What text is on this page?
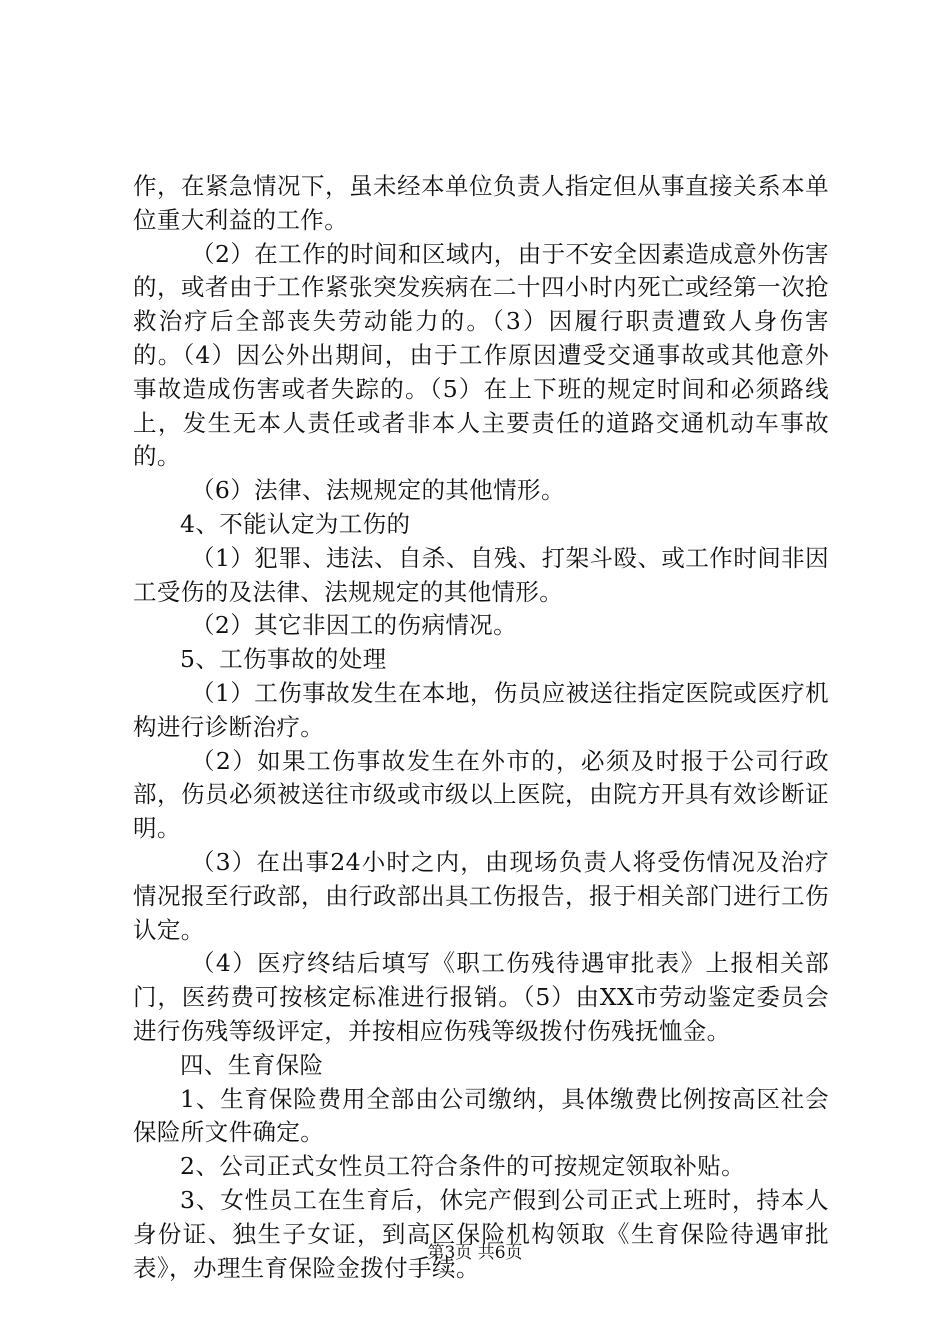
作，在紧急情况下，虽未经本单位负责人指定但从事直接关系本单位重大利益的工作。

（2）在工作的时间和区域内，由于不安全因素造成意外伤害的，或者由于工作紧张突发疾病在二十四小时内死亡或经第一次抢救治疗后全部丧失劳动能力的。（3）因履行职责遭致人身伤害的。（4）因公外出期间，由于工作原因遭受交通事故或其他意外事故造成伤害或者失踪的。（5）在上下班的规定时间和必须路线上，发生无本人责任或者非本人主要责任的道路交通机动车事故的。

（6）法律、法规规定的其他情形。

4、不能认定为工伤的

（1）犯罪、违法、自杀、自残、打架斗殴、或工作时间非因工受伤的及法律、法规规定的其他情形。

（2）其它非因工的伤病情况。

5、工伤事故的处理

（1）工伤事故发生在本地，伤员应被送往指定医院或医疗机构进行诊断治疗。

（2）如果工伤事故发生在外市的，必须及时报于公司行政部，伤员必须被送往市级或市级以上医院，由院方开具有效诊断证明。

（3）在出事24小时之内，由现场负责人将受伤情况及治疗情况报至行政部，由行政部出具工伤报告，报于相关部门进行工伤认定。

（4）医疗终结后填写《职工伤残待遇审批表》上报相关部门，医药费可按核定标准进行报销。（5）由XX市劳动鉴定委员会进行伤残等级评定，并按相应伤残等级拨付伤残抚恤金。

四、生育保险

1、生育保险费用全部由公司缴纳，具体缴费比例按高区社会保险所文件确定。

2、公司正式女性员工符合条件的可按规定领取补贴。

3、女性员工在生育后，休完产假到公司正式上班时，持本人身份证、独生子女证，到高区保险机构领取《生育保险待遇审批表》，办理生育保险金拨付手续。

第3页 共6页
